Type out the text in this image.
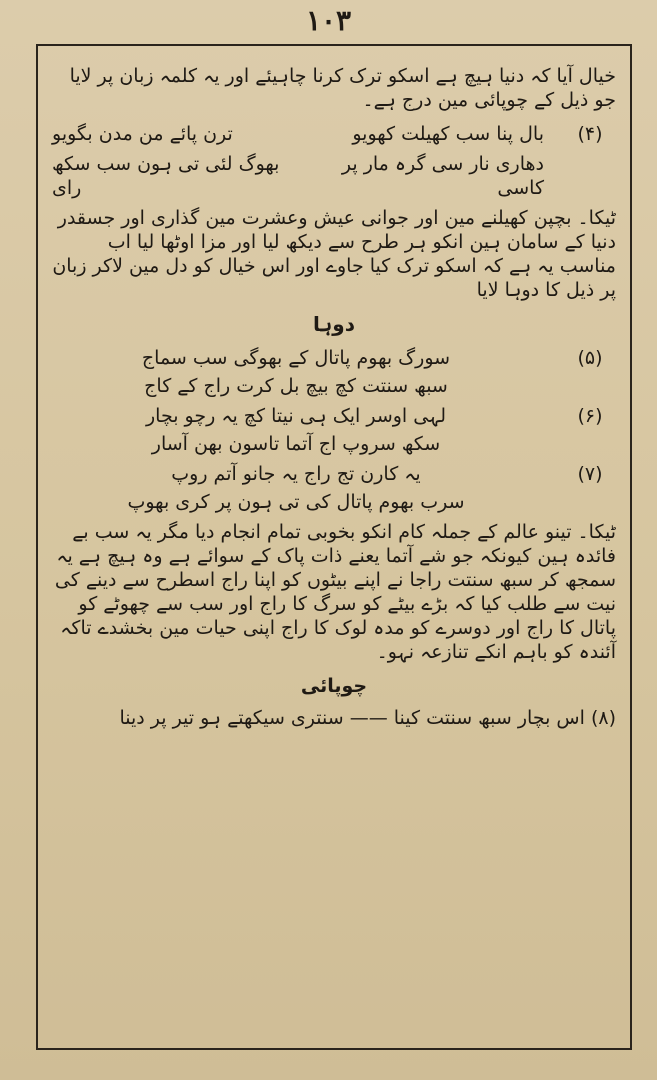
١٠٣

خیال آیا کہ دنیا ہیچ ہے اسکو ترک کرنا چاہیئے اور یہ کلمہ زبان پر لایا جو ذیل کے چوپائی مین درج ہے۔

(۴)
بال پنا سب کھیلت کھویو
ترن پائے من مدن بگویو
دھاری نار سی گرہ مار پر کاسی
بھوگ لئی تی ہون سب سکھ رای

ٹیکا۔ بچپن کھیلنے مین اور جوانی عیش وعشرت مین گذاری اور جسقدر دنیا کے سامان ہین انکو ہر طرح سے دیکھ لیا اور مزا اوٹھا لیا اب مناسب یہ ہے کہ اسکو ترک کیا جاوے اور اس خیال کو دل مین لاکر زبان پر ذیل کا دوہا لایا

دوہا
(۵)
سورگ بھوم پاتال کے بھوگی سب سماج
سبھ سنتت کچ بیچ بل کرت راج کے کاج
(۶)
لہی اوسر ایک ہی نیتا کچ یہ رچو بچار
سکھ سروپ اج آتما تاسون بھن آسار
(۷)
یہ کارن تج راج یہ جانو آتم روپ
سرب بھوم پاتال کی تی ہون پر کری بھوپ

ٹیکا۔ تینو عالم کے جملہ کام انکو بخوبی تمام انجام دیا مگر یہ سب بے فائدہ ہین کیونکہ جو شے آتما یعنے ذات پاک کے سوائے ہے وہ ہیچ ہے یہ سمجھ کر سبھ سنتت راجا نے اپنے بیٹوں کو اپنا راج اسطرح سے دینے کی نیت سے طلب کیا کہ بڑے بیٹے کو سرگ کا راج اور سب سے چھوٹے کو پاتال کا راج اور دوسرے کو مدہ لوک کا راج اپنی حیات مین بخشدے تاکہ آئندہ کو باہم انکے تنازعہ نہو۔

چوپائی
(۸) اس بچار سبھ سنتت کینا —— سنتری سیکھتے ہو تیر پر دینا
